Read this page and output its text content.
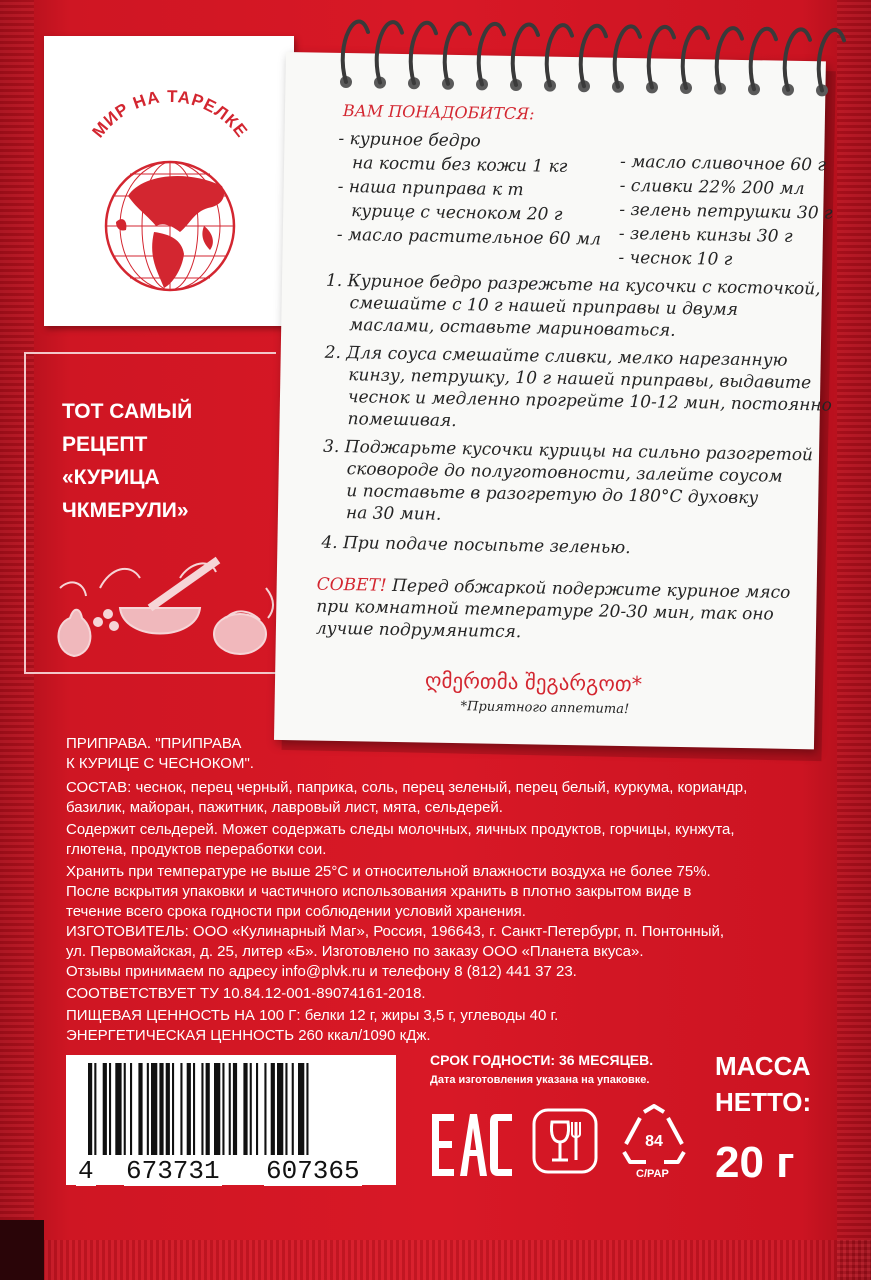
МИР НА ТАРЕЛКЕ
ТОТ САМЫЙ
РЕЦЕПТ
«КУРИЦА
ЧКМЕРУЛИ»
ВАМ ПОНАДОБИТСЯ:
- куриное бедро
на кости без кожи 1 кг
- наша приправа к т
курице с чесноком 20 г
- масло растительное 60 мл
- масло сливочное 60 г
- сливки 22% 200 мл
- зелень петрушки 30 г
- зелень кинзы 30 г
- чеснок 10 г
1. Куриное бедро разрежьте на кусочки с косточкой,
смешайте с 10 г нашей приправы и двумя
маслами, оставьте мариноваться.
2. Для соуса смешайте сливки, мелко нарезанную
кинзу, петрушку, 10 г нашей приправы, выдавите
чеснок и медленно прогрейте 10-12 мин, постоянно
помешивая.
3. Поджарьте кусочки курицы на сильно разогретой
сковороде до полуготовности, залейте соусом
и поставьте в разогретую до 180°С духовку
на 30 мин.
4. При подаче посыпьте зеленью.
СОВЕТ! Перед обжаркой подержите куриное мясо
при комнатной температуре 20-30 мин, так оно
лучше подрумянится.
ღმერთმა შეგარგოთ*
*Приятного аппетита!
ПРИПРАВА. "ПРИПРАВА
К КУРИЦЕ С ЧЕСНОКОМ".
СОСТАВ: чеснок, перец черный, паприка, соль, перец зеленый, перец белый, куркума, кориандр,
базилик, майоран, пажитник, лавровый лист, мята, сельдерей.
Содержит сельдерей. Может содержать следы молочных, яичных продуктов, горчицы, кунжута,
глютена, продуктов переработки сои.
Хранить при температуре не выше 25°С и относительной влажности воздуха не более 75%.
После вскрытия упаковки и частичного использования хранить в плотно закрытом виде в
течение всего срока годности при соблюдении условий хранения.
ИЗГОТОВИТЕЛЬ: ООО «Кулинарный Маг», Россия, 196643, г. Санкт-Петербург, п. Понтонный,
ул. Первомайская, д. 25, литер «Б». Изготовлено по заказу ООО «Планета вкуса».
Отзывы принимаем по адресу info@plvk.ru и телефону 8 (812) 441 37 23.
СООТВЕТСТВУЕТ ТУ 10.84.12-001-89074161-2018.
ПИЩЕВАЯ ЦЕННОСТЬ НА 100 Г: белки 12 г, жиры 3,5 г, углеводы 40 г.
ЭНЕРГЕТИЧЕСКАЯ ЦЕННОСТЬ 260 ккал/1090 кДж.
4 673731 607365
СРОК ГОДНОСТИ: 36 МЕСЯЦЕВ.
Дата изготовления указана на упаковке.	МАССА
НЕТТО:
20 г
ЕАС
84
C/PAP
